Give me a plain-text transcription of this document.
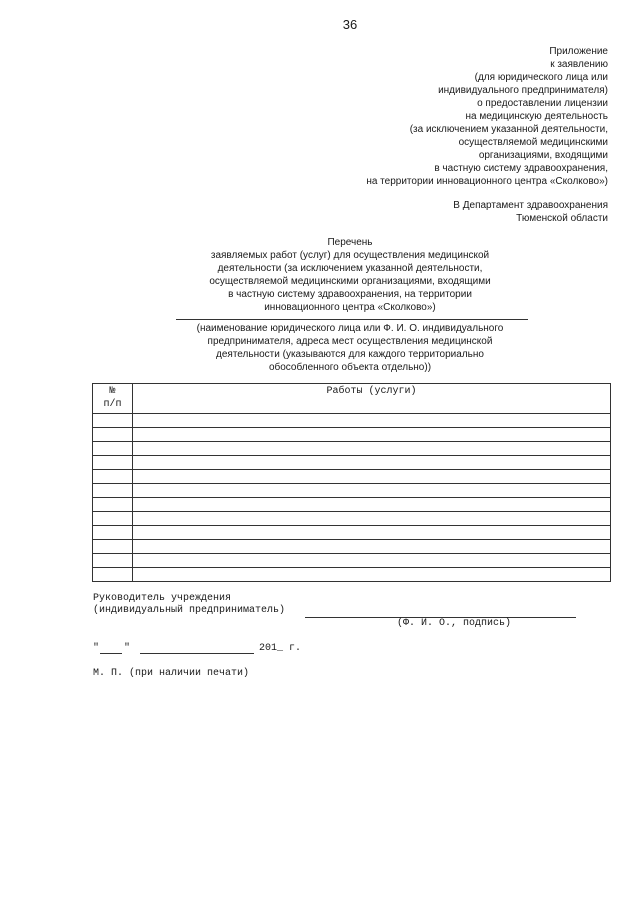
36
Приложение
к заявлению
(для юридического лица или
индивидуального предпринимателя)
о предоставлении лицензии
на медицинскую деятельность
(за исключением указанной деятельности,
осуществляемой медицинскими
организациями, входящими
в частную систему здравоохранения,
на территории инновационного центра «Сколково»)
В Департамент здравоохранения
Тюменской области
Перечень
заявляемых работ (услуг) для осуществления медицинской
деятельности (за исключением указанной деятельности,
осуществляемой медицинскими организациями, входящими
в частную систему здравоохранения, на территории
инновационного центра «Сколково»)
(наименование юридического лица или Ф. И. О. индивидуального
предпринимателя, адреса мест осуществления медицинской
деятельности (указываются для каждого территориально
обособленного объекта отдельно))
№
п/п	Работы (услуги)

Руководитель учреждения
(индивидуальный предприниматель)
(Ф. И. О., подпись)
" "	201_ г.
М. П. (при наличии печати)
